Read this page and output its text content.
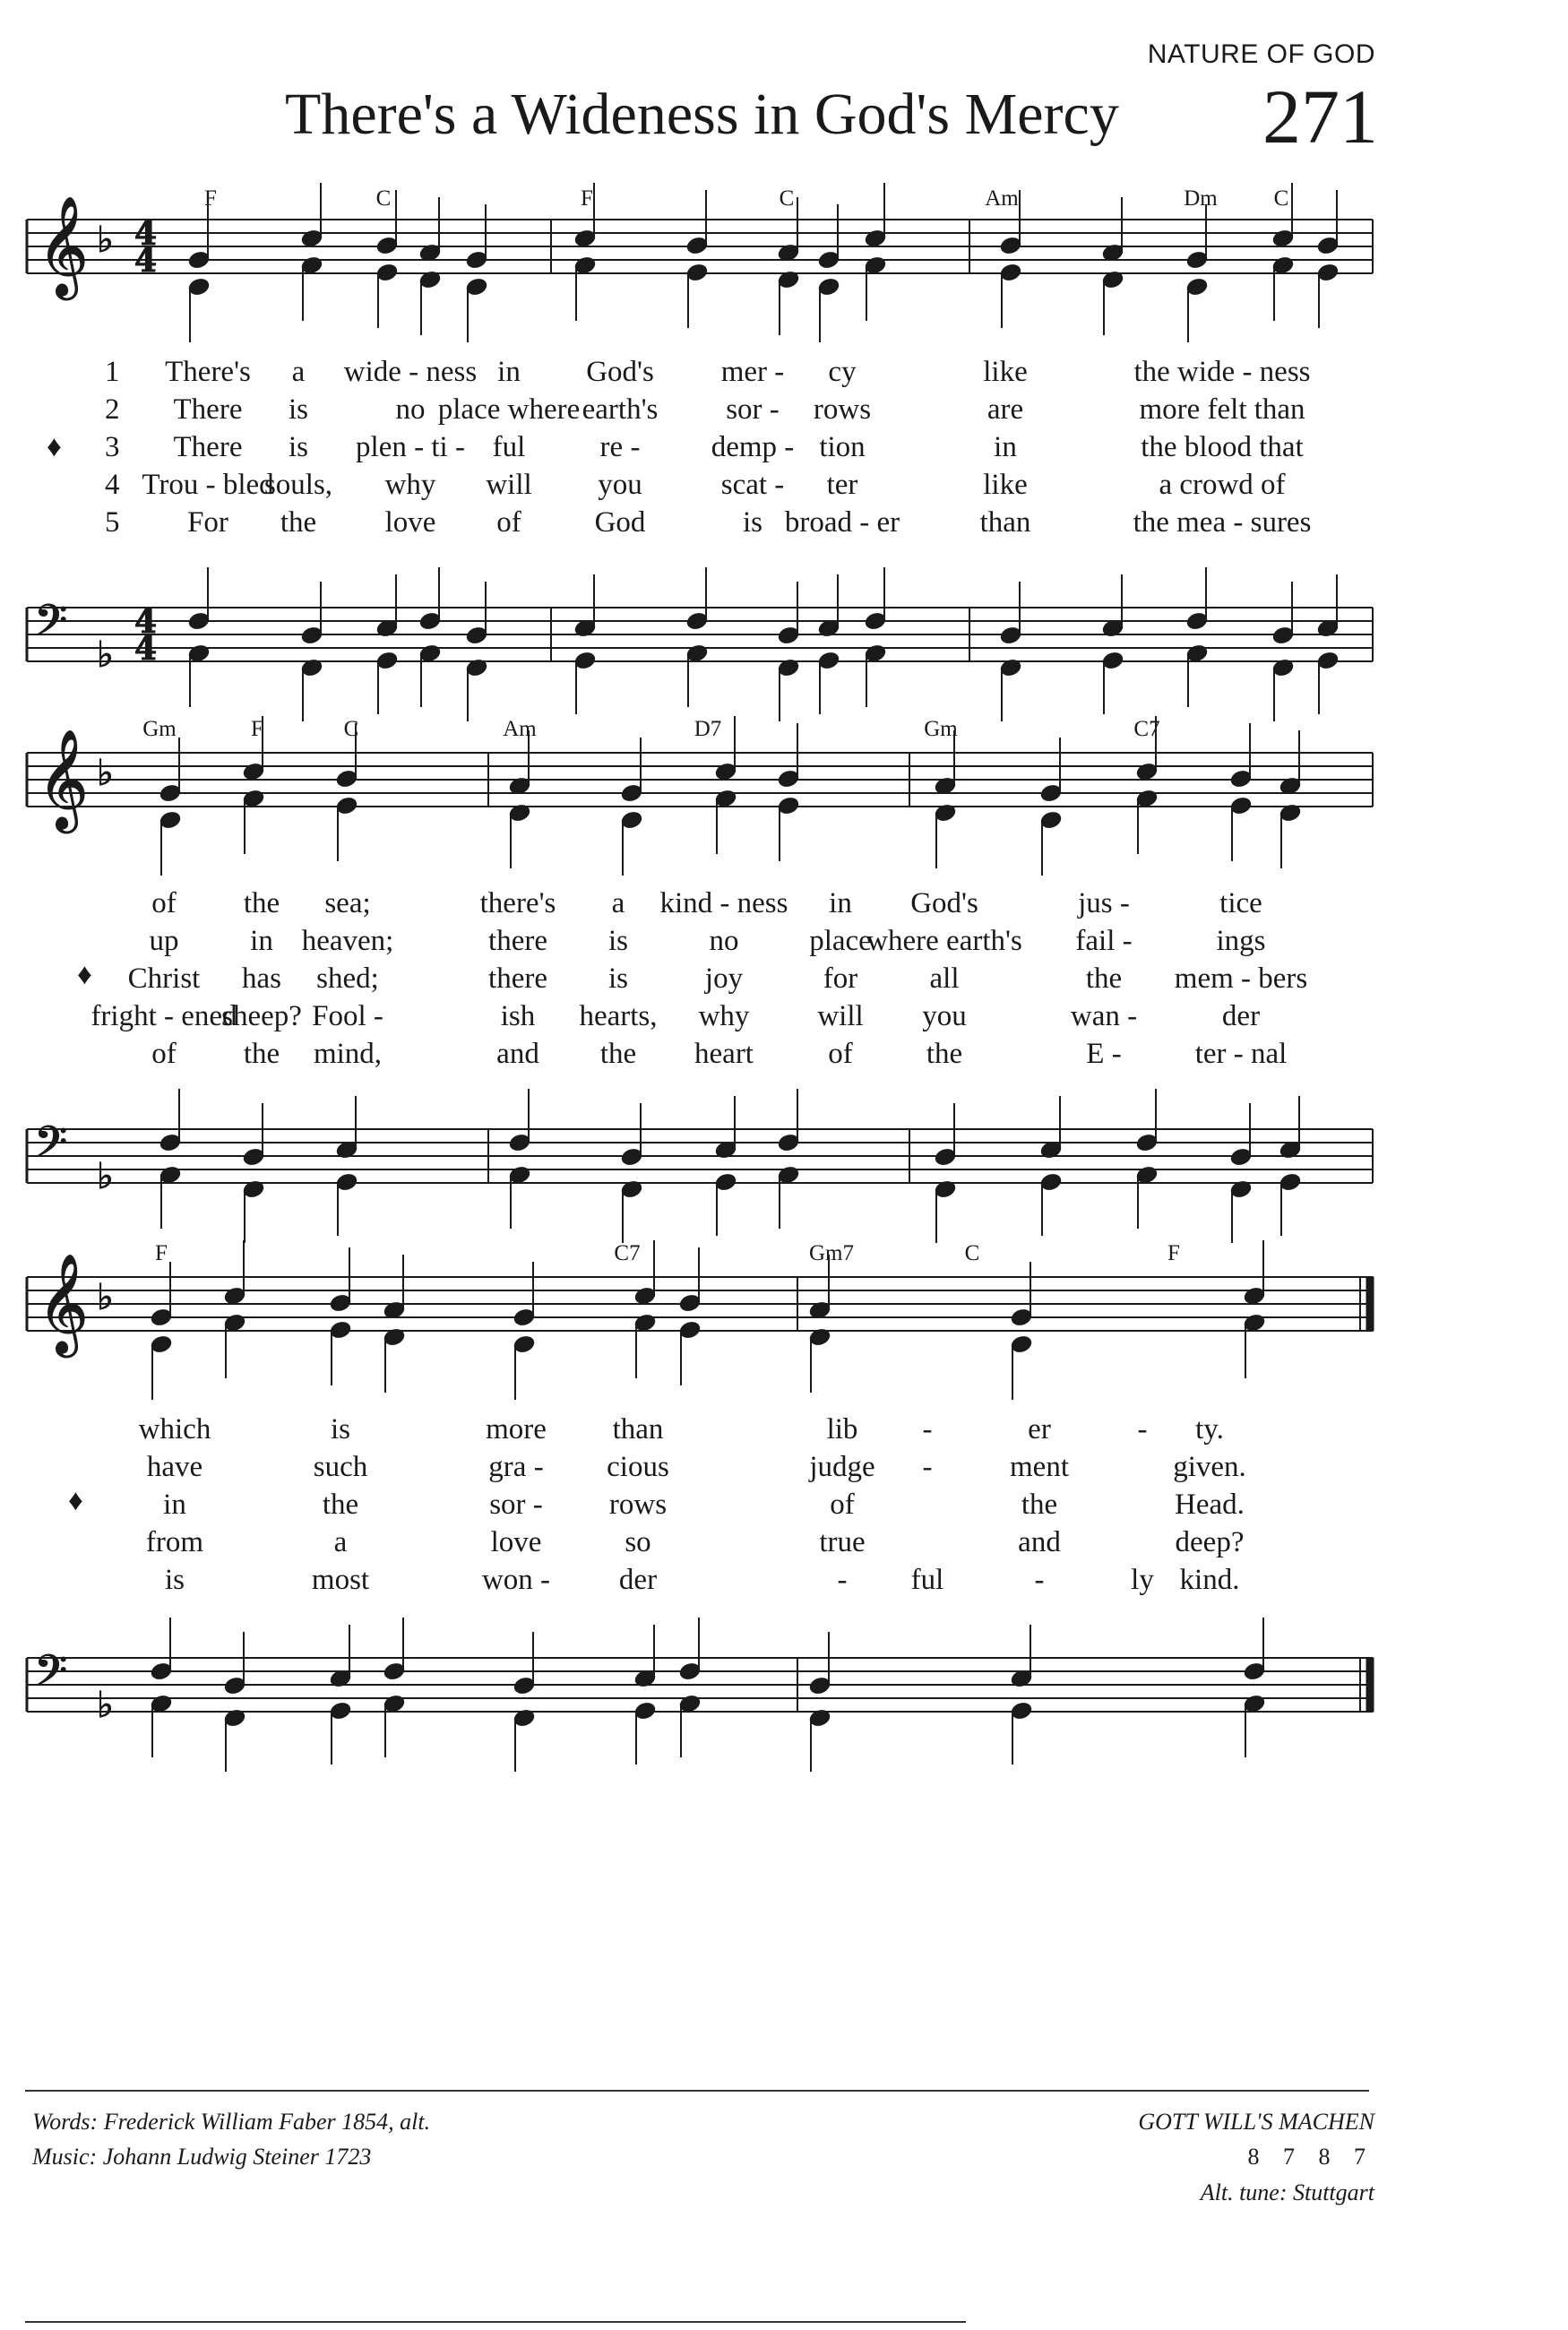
NATURE OF GOD
There's a Wideness in God's Mercy 271
𝄞 ♭ 4
4
𝄢 ♭
4
4
𝄞 ♭
𝄢 ♭
𝄞 ♭
𝄢 ♭
F	C	F	C	Am	Dm	C
Gm	F	C	Am	D7	Gm	C7
F	C7	Gm7	C	F
1
2
3
4
5
♦
♦
♦
There's a wide - ness in God's mer - cy	like	the wide - ness
There is	no place where earth's sor - rows	are	more felt than
There is plen - ti - ful	re - demp - tion	in	the blood that
Trou - bled
souls, why will you	scat - ter	like	a crowd of
For the love of God	is broad - er	than	the mea - sures
of the sea;	there's a kind - ness in God's	jus -	tice
up in heaven;	there is	no place
where earth's fail -	ings
Christ has shed;	there is	joy	for all	the mem - bers
fright - ened
sheep? Fool -	ish hearts, why will you	wan -	der
of the mind,	and the heart	of the	E - ter - nal
which	is	more than	lib -	er	- ty.
have	such	gra - cious	judge -	ment	given.
in	the	sor - rows	of	the	Head.
from	a	love	so	true	and	deep?
is	most	won - der	- ful	-	ly kind.
Words: Frederick William Faber 1854, alt.
Music: Johann Ludwig Steiner 1723
GOTT WILL'S MACHEN
8 7 8 7
Alt. tune: Stuttgart
